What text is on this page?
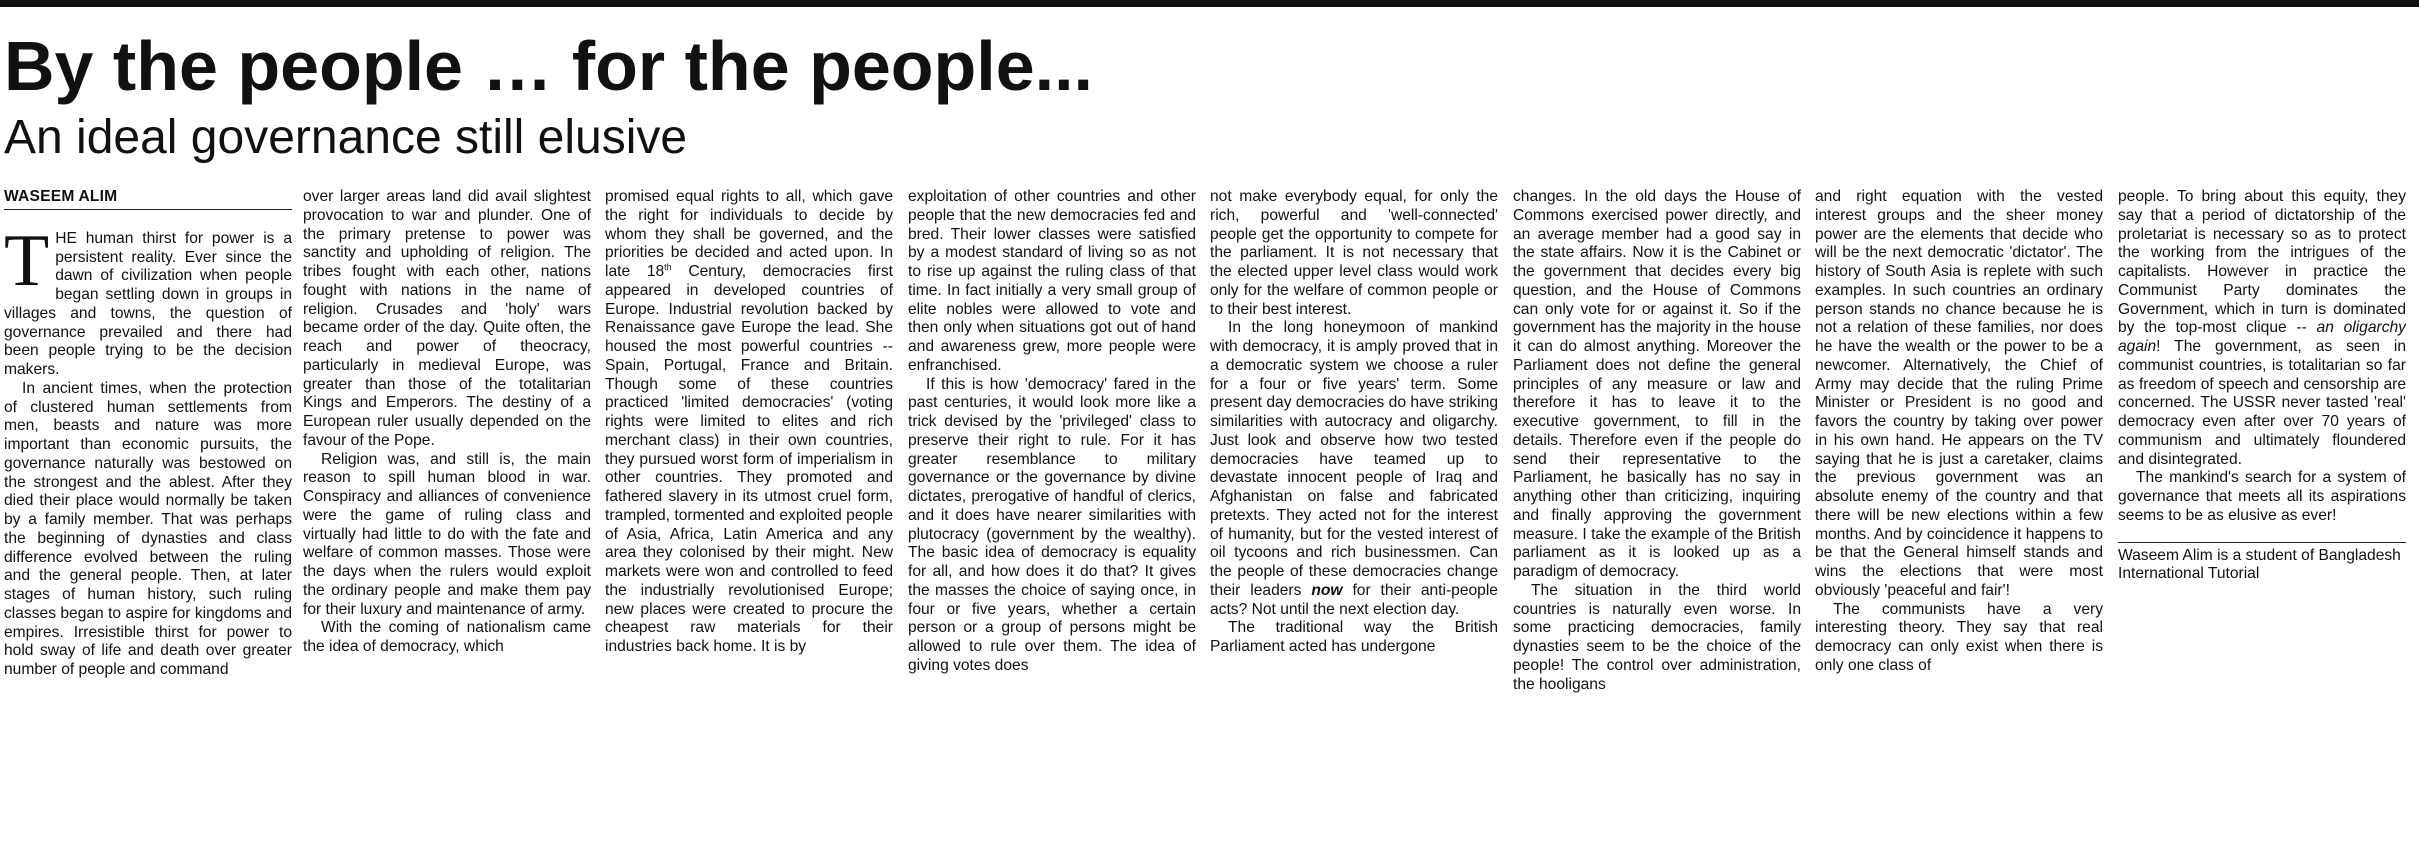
By the people … for the people...
An ideal governance still elusive
WASEEM ALIM

THE human thirst for power is a persistent reality. Ever since the dawn of civilization when people began settling down in groups in villages and towns, the question of governance prevailed and there had been people trying to be the decision makers.

In ancient times, when the protection of clustered human settlements from men, beasts and nature was more important than economic pursuits, the governance naturally was bestowed on the strongest and the ablest. After they died their place would normally be taken by a family member. That was perhaps the beginning of dynasties and class difference evolved between the ruling and the general people. Then, at later stages of human history, such ruling classes began to aspire for kingdoms and empires. Irresistible thirst for power to hold sway of life and death over greater number of people and command

over larger areas land did avail slightest provocation to war and plunder. One of the primary pretense to power was sanctity and upholding of religion. The tribes fought with each other, nations fought with nations in the name of religion. Crusades and 'holy' wars became order of the day. Quite often, the reach and power of theocracy, particularly in medieval Europe, was greater than those of the totalitarian Kings and Emperors. The destiny of a European ruler usually depended on the favour of the Pope.

Religion was, and still is, the main reason to spill human blood in war. Conspiracy and alliances of convenience were the game of ruling class and virtually had little to do with the fate and welfare of common masses. Those were the days when the rulers would exploit the ordinary people and make them pay for their luxury and maintenance of army.

With the coming of nationalism came the idea of democracy, which

promised equal rights to all, which gave the right for individuals to decide by whom they shall be governed, and the priorities be decided and acted upon. In late 18th Century, democracies first appeared in developed countries of Europe. Industrial revolution backed by Renaissance gave Europe the lead. She housed the most powerful countries -- Spain, Portugal, France and Britain. Though some of these countries practiced 'limited democracies' (voting rights were limited to elites and rich merchant class) in their own countries, they pursued worst form of imperialism in other countries. They promoted and fathered slavery in its utmost cruel form, trampled, tormented and exploited people of Asia, Africa, Latin America and any area they colonised by their might. New markets were won and controlled to feed the industrially revolutionised Europe; new places were created to procure the cheapest raw materials for their industries back home. It is by

exploitation of other countries and other people that the new democracies fed and bred. Their lower classes were satisfied by a modest standard of living so as not to rise up against the ruling class of that time. In fact initially a very small group of elite nobles were allowed to vote and then only when situations got out of hand and awareness grew, more people were enfranchised.

If this is how 'democracy' fared in the past centuries, it would look more like a trick devised by the 'privileged' class to preserve their right to rule. For it has greater resemblance to military governance or the governance by divine dictates, prerogative of handful of clerics, and it does have nearer similarities with plutocracy (government by the wealthy). The basic idea of democracy is equality for all, and how does it do that? It gives the masses the choice of saying once, in four or five years, whether a certain person or a group of persons might be allowed to rule over them. The idea of giving votes does

not make everybody equal, for only the rich, powerful and 'well-connected' people get the opportunity to compete for the parliament. It is not necessary that the elected upper level class would work only for the welfare of common people or to their best interest.

In the long honeymoon of mankind with democracy, it is amply proved that in a democratic system we choose a ruler for a four or five years' term. Some present day democracies do have striking similarities with autocracy and oligarchy. Just look and observe how two tested democracies have teamed up to devastate innocent people of Iraq and Afghanistan on false and fabricated pretexts. They acted not for the interest of humanity, but for the vested interest of oil tycoons and rich businessmen. Can the people of these democracies change their leaders now for their anti-people acts? Not until the next election day.

The traditional way the British Parliament acted has undergone

changes. In the old days the House of Commons exercised power directly, and an average member had a good say in the state affairs. Now it is the Cabinet or the government that decides every big question, and the House of Commons can only vote for or against it. So if the government has the majority in the house it can do almost anything. Moreover the Parliament does not define the general principles of any measure or law and therefore it has to leave it to the executive government, to fill in the details. Therefore even if the people do send their representative to the Parliament, he basically has no say in anything other than criticizing, inquiring and finally approving the government measure. I take the example of the British parliament as it is looked up as a paradigm of democracy.

The situation in the third world countries is naturally even worse. In some practicing democracies, family dynasties seem to be the choice of the people! The control over administration, the hooligans

and right equation with the vested interest groups and the sheer money power are the elements that decide who will be the next democratic 'dictator'. The history of South Asia is replete with such examples. In such countries an ordinary person stands no chance because he is not a relation of these families, nor does he have the wealth or the power to be a newcomer. Alternatively, the Chief of Army may decide that the ruling Prime Minister or President is no good and favors the country by taking over power in his own hand. He appears on the TV saying that he is just a caretaker, claims the previous government was an absolute enemy of the country and that there will be new elections within a few months. And by coincidence it happens to be that the General himself stands and wins the elections that were most obviously 'peaceful and fair'!

The communists have a very interesting theory. They say that real democracy can only exist when there is only one class of

people. To bring about this equity, they say that a period of dictatorship of the proletariat is necessary so as to protect the working from the intrigues of the capitalists. However in practice the Communist Party dominates the Government, which in turn is dominated by the top-most clique -- an oligarchy again! The government, as seen in communist countries, is totalitarian so far as freedom of speech and censorship are concerned. The USSR never tasted 'real' democracy even after over 70 years of communism and ultimately floundered and disintegrated.

The mankind's search for a system of governance that meets all its aspirations seems to be as elusive as ever!

Waseem Alim is a student of Bangladesh International Tutorial
